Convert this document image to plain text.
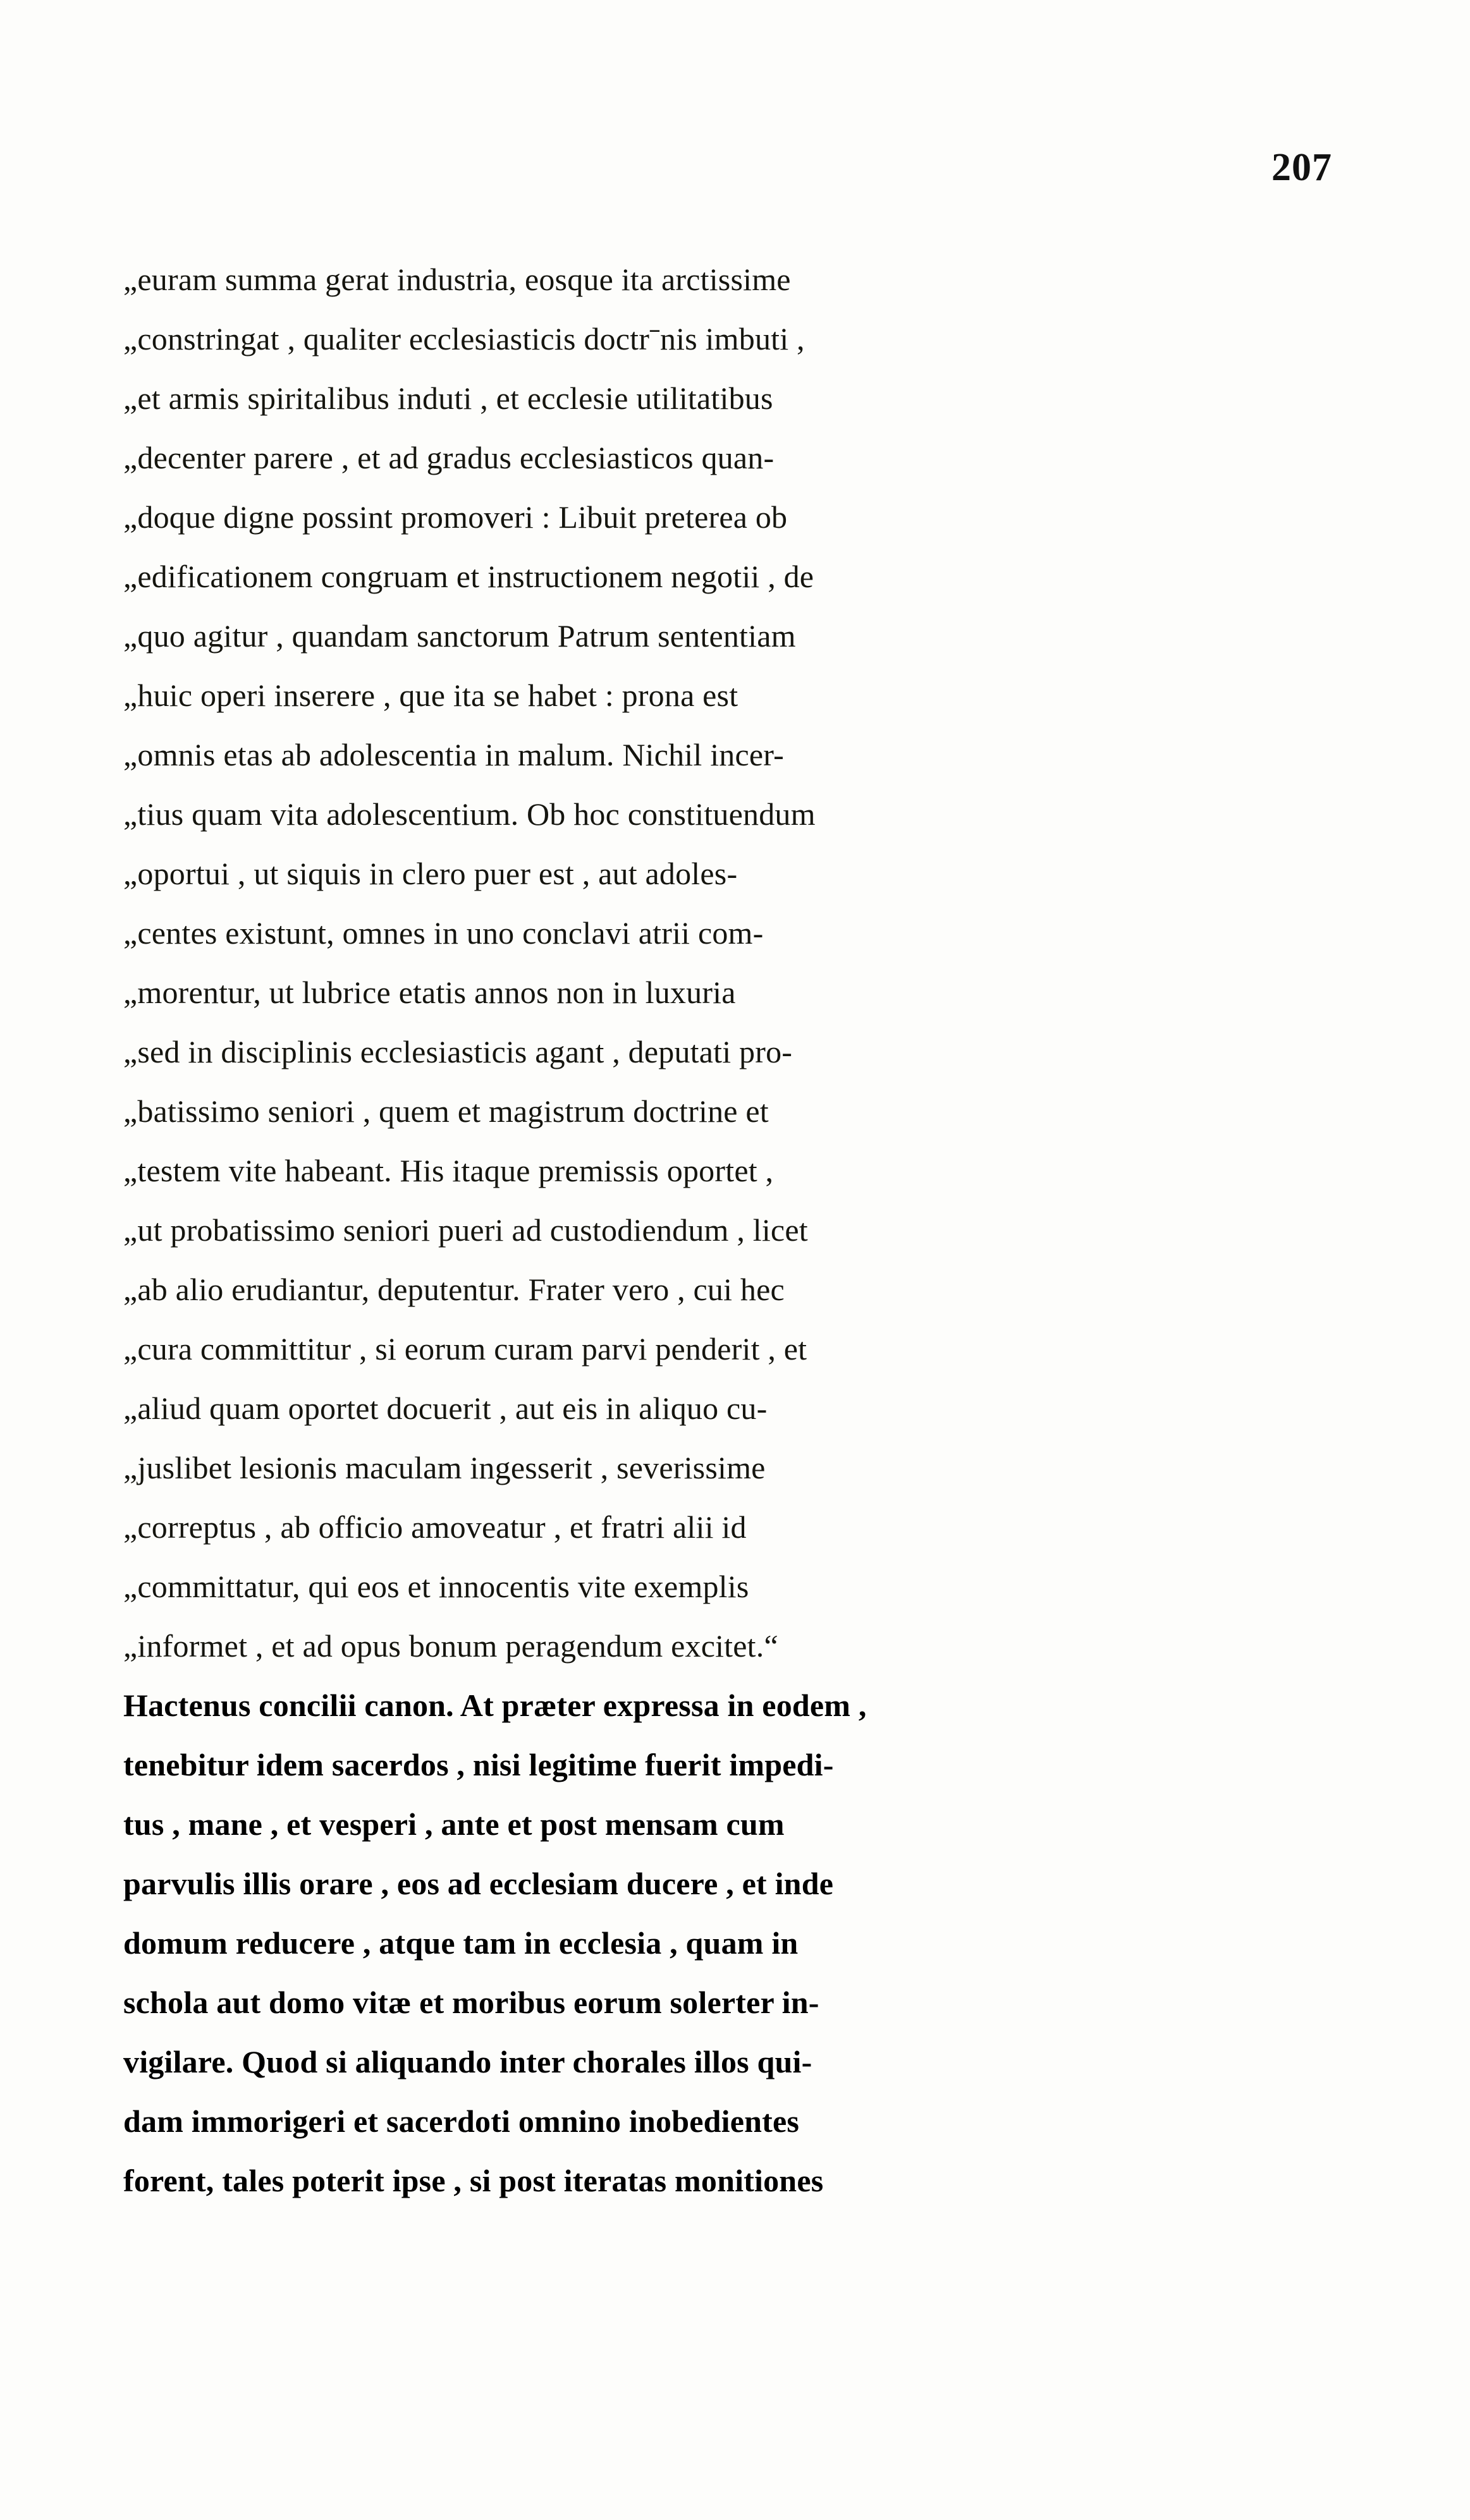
207
„еuram summa gerat industria, eosque ita arctissime
„constringat , qualiter ecclesiasticis doctrˉnis imbuti ,
„et armis spiritalibus induti , et ecclesie utilitatibus
„decenter parere , et ad gradus ecclesiasticos quan-
„doque digne possint promoveri : Libuit preterea ob
„edificationem congruam et instructionem negotii , de
„quo agitur , quandam sanctorum Patrum sententiam
„huic operi inserere , que ita se habet : prona est
„omnis etas ab adolescentia in malum. Nichil incer-
„tius quam vita adolescentium. Ob hoc constituendum
„oportui , ut siquis in clero puer est , aut adoles-
„centes existunt, omnes in uno conclavi atrii com-
„morentur, ut lubrice etatis annos non in luxuria
„sed in disciplinis ecclesiasticis agant , deputati pro-
„batissimo seniori , quem et magistrum doctrine et
„testem vite habeant. His itaque premissis oportet ,
„ut probatissimo seniori pueri ad custodiendum , licet
„ab alio erudiantur, deputentur. Frater vero , cui hec
„cura committitur , si eorum curam parvi penderit , et
„aliud quam oportet docuerit , aut eis in aliquo cu-
„juslibet lesionis maculam ingesserit , severissime
„correptus , ab officio amoveatur , et fratri alii id
„committatur, qui eos et innocentis vite exemplis
„informet , et ad opus bonum peragendum excitet.“
Hactenus concilii canon. At præter expressa in eodem ,
tenebitur idem sacerdos , nisi legitime fuerit impedi-
tus , mane , et vesperi , ante et post mensam cum
parvulis illis orare , eos ad ecclesiam ducere , et inde
domum reducere , atque tam in ecclesia , quam in
schola aut domo vitæ et moribus eorum solerter in-
vigilare. Quod si aliquando inter chorales illos qui-
dam immorigeri et sacerdoti omnino inobedientes
forent, tales poterit ipse , si post iteratas monitiones
